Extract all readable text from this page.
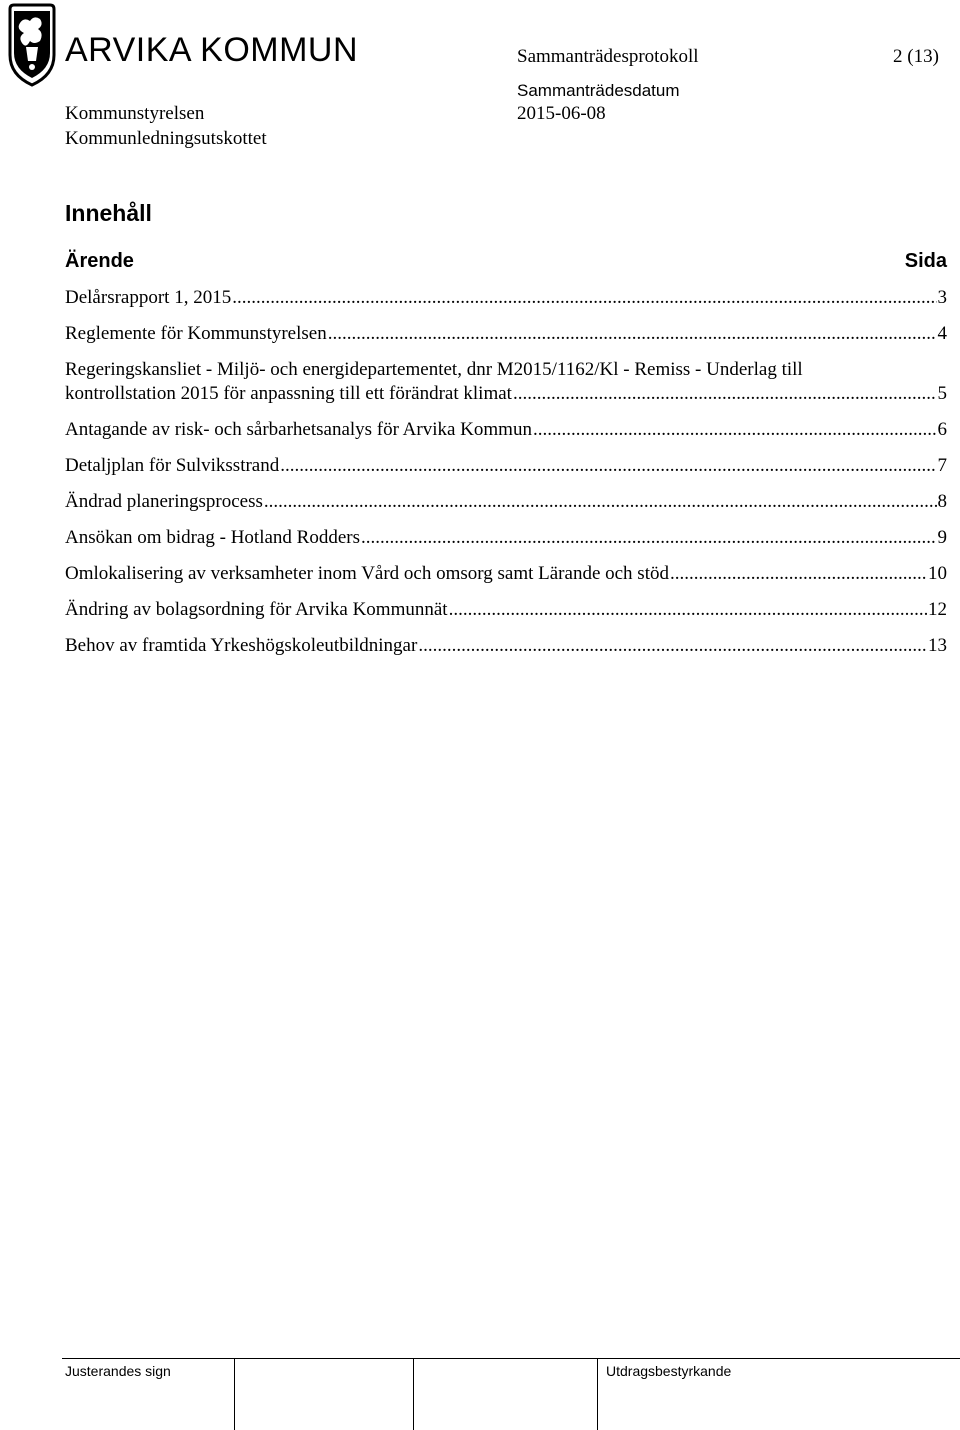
ARVIKA KOMMUN	Sammanträdesprotokoll	2 (13)
Sammanträdesdatum
2015-06-08
Kommunstyrelsen
Kommunledningsutskottet
Innehåll
Ärende	Sida
Delårsrapport 1, 2015 .....	3
Reglemente för Kommunstyrelsen .....	4
Regeringskansliet - Miljö- och energidepartementet, dnr M2015/1162/Kl - Remiss - Underlag till
kontrollstation 2015 för anpassning till ett förändrat klimat .....	5
Antagande av risk- och sårbarhetsanalys för Arvika Kommun .....	6
Detaljplan för Sulviksstrand .....	7
Ändrad planeringsprocess .....	8
Ansökan om bidrag - Hotland Rodders .....	9
Omlokalisering av verksamheter inom Vård och omsorg samt Lärande och stöd .....	10
Ändring av bolagsordning för Arvika Kommunnät .....	12
Behov av framtida Yrkeshögskoleutbildningar .....	13
Justerandes sign	Utdragsbestyrkande
